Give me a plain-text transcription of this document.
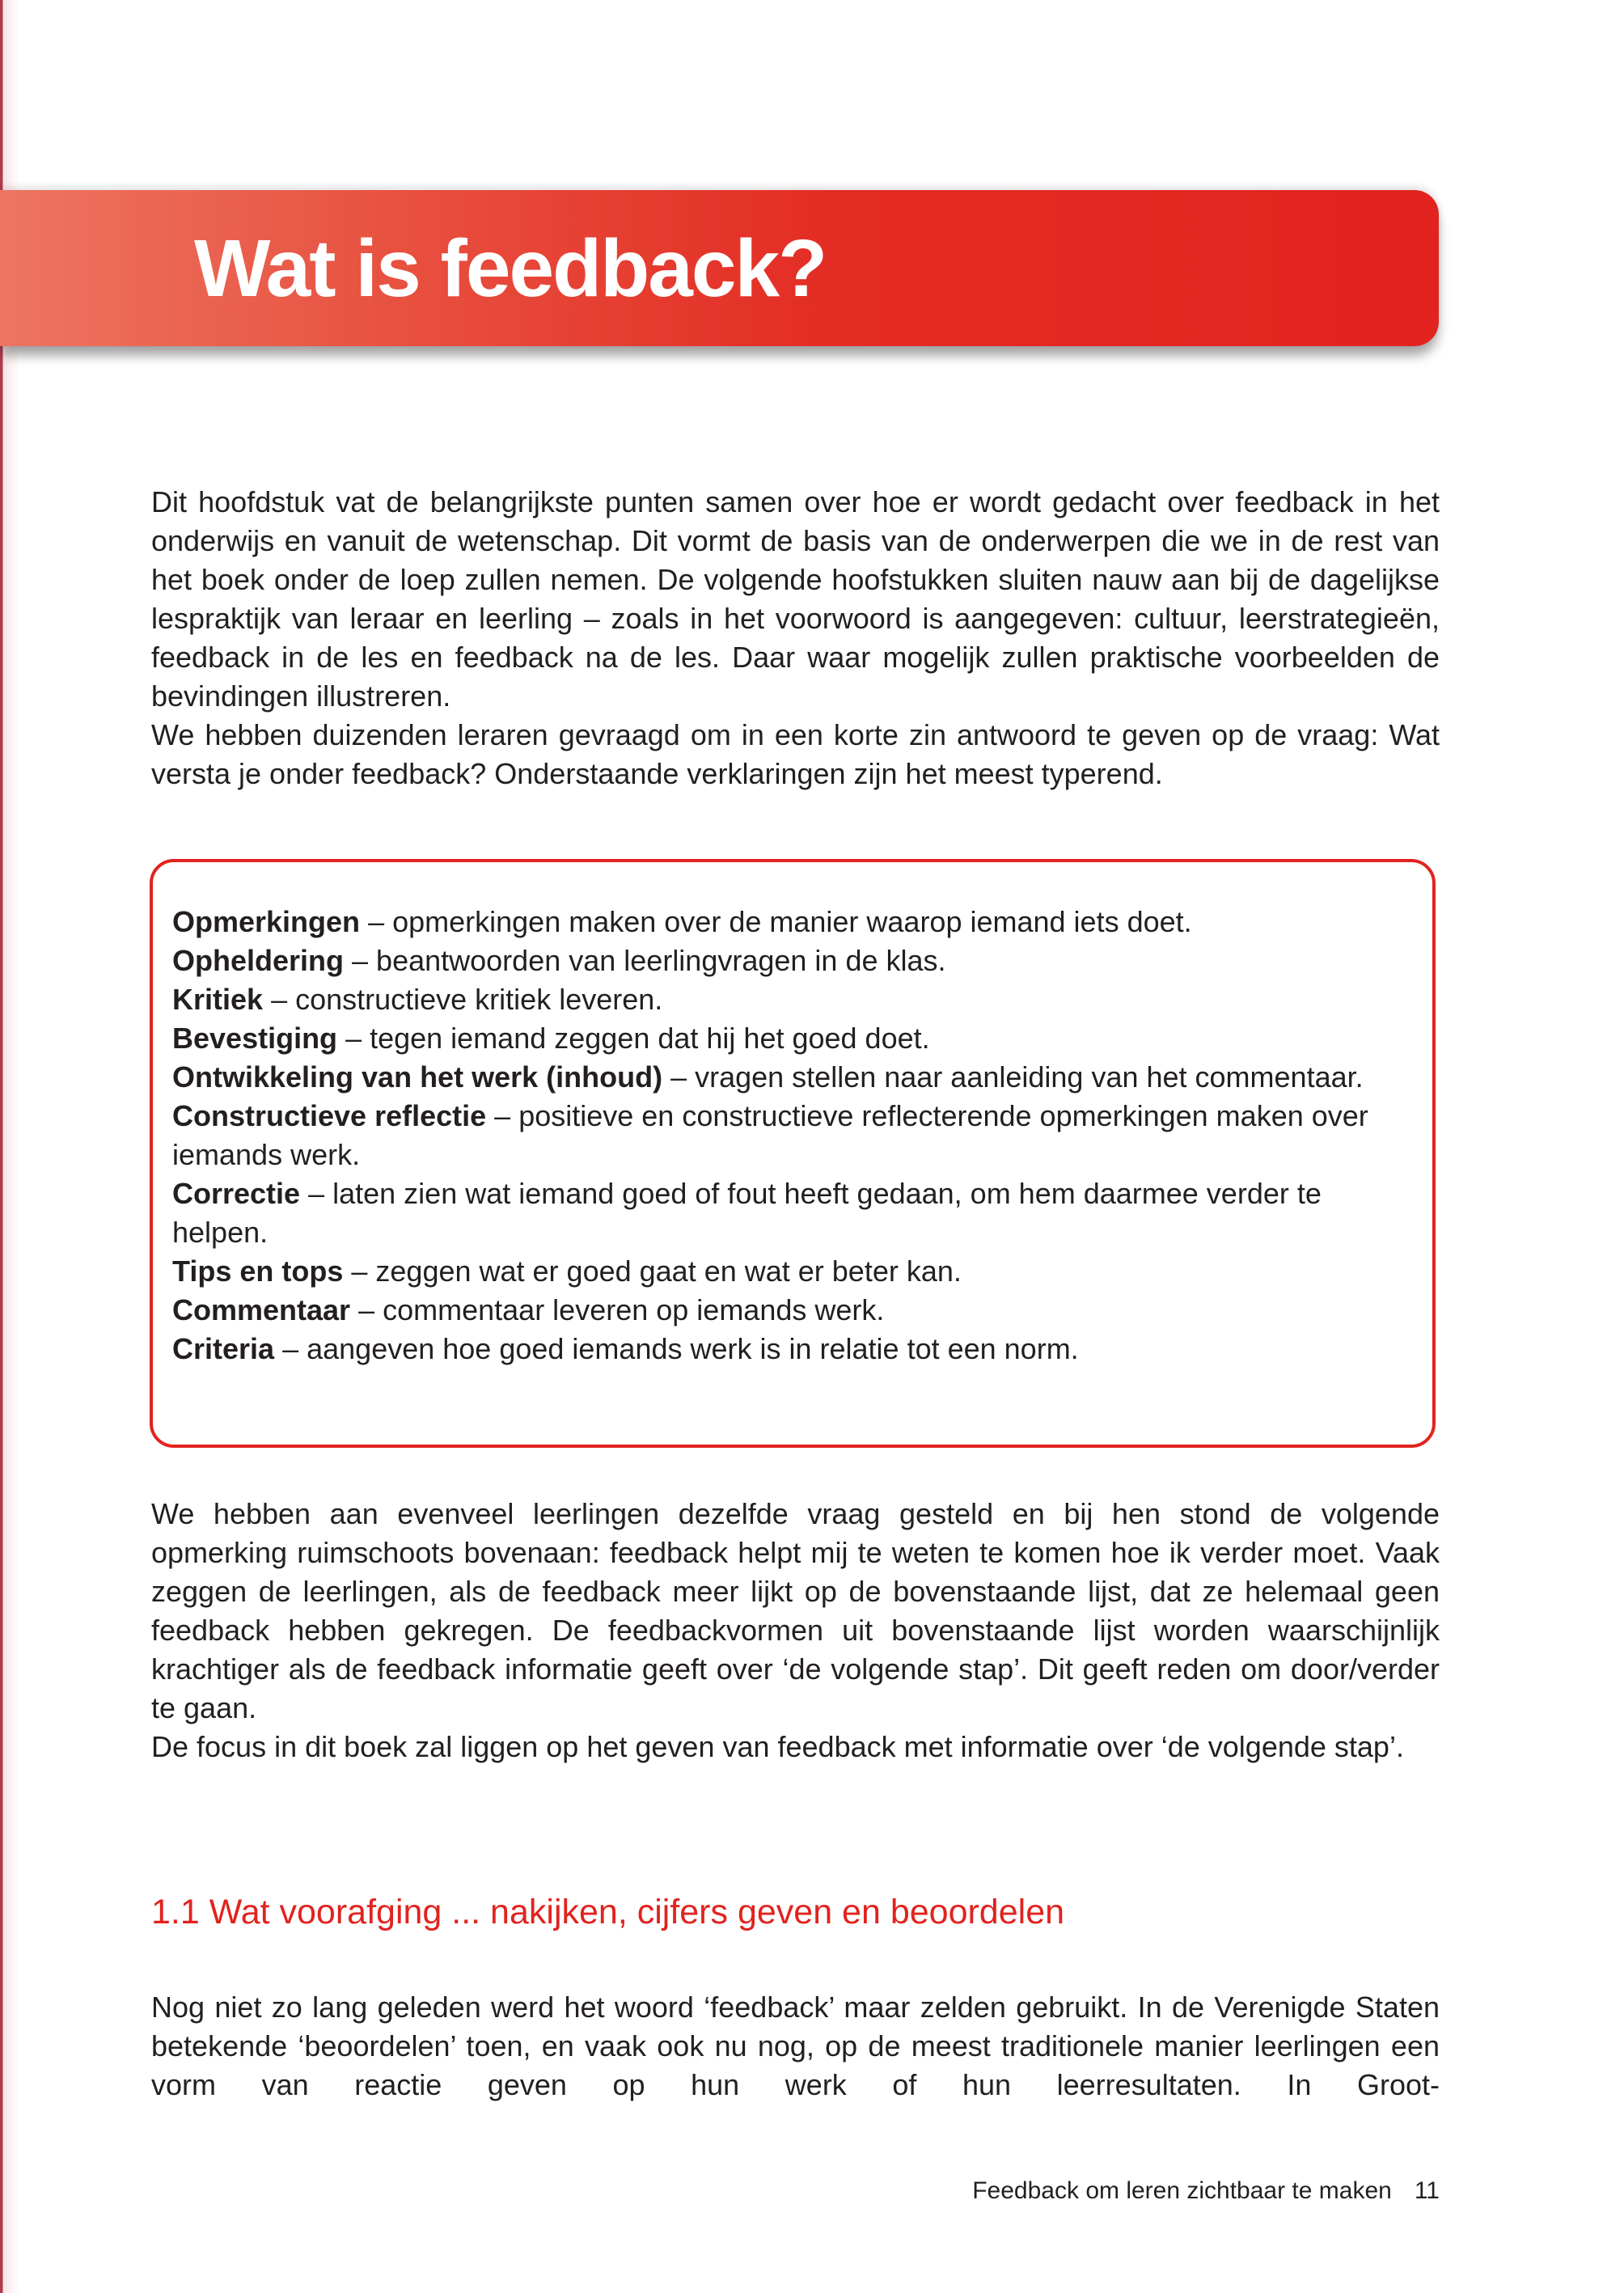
Wat is feedback?

Dit hoofdstuk vat de belangrijkste punten samen over hoe er wordt gedacht over feedback in het onderwijs en vanuit de wetenschap. Dit vormt de basis van de onderwerpen die we in de rest van het boek onder de loep zullen nemen. De volgende hoofstukken sluiten nauw aan bij de dagelijkse lespraktijk van leraar en leerling – zoals in het voorwoord is aangegeven: cultuur, leerstrategieën, feedback in de les en feedback na de les. Daar waar mogelijk zullen praktische voorbeelden de bevindingen illustreren.
We hebben duizenden leraren gevraagd om in een korte zin antwoord te geven op de vraag: Wat versta je onder feedback? Onderstaande verklaringen zijn het meest typerend.

Opmerkingen – opmerkingen maken over de manier waarop iemand iets doet.
Opheldering – beantwoorden van leerlingvragen in de klas.
Kritiek – constructieve kritiek leveren.
Bevestiging – tegen iemand zeggen dat hij het goed doet.
Ontwikkeling van het werk (inhoud) – vragen stellen naar aanleiding van het commentaar.
Constructieve reflectie – positieve en constructieve reflecterende opmerkingen maken over iemands werk.
Correctie – laten zien wat iemand goed of fout heeft gedaan, om hem daarmee verder te helpen.
Tips en tops – zeggen wat er goed gaat en wat er beter kan.
Commentaar – commentaar leveren op iemands werk.
Criteria – aangeven hoe goed iemands werk is in relatie tot een norm.

We hebben aan evenveel leerlingen dezelfde vraag gesteld en bij hen stond de volgende opmerking ruimschoots bovenaan: feedback helpt mij te weten te komen hoe ik verder moet. Vaak zeggen de leerlingen, als de feedback meer lijkt op de bovenstaande lijst, dat ze helemaal geen feedback hebben gekregen. De feedbackvormen uit bovenstaande lijst worden waarschijnlijk krachtiger als de feedback informatie geeft over ‘de volgende stap’. Dit geeft reden om door/verder te gaan.
De focus in dit boek zal liggen op het geven van feedback met informatie over ‘de volgende stap’.

1.1 Wat voorafging ... nakijken, cijfers geven en beoordelen

Nog niet zo lang geleden werd het woord ‘feedback’ maar zelden gebruikt. In de Verenigde Staten betekende ‘beoordelen’ toen, en vaak ook nu nog, op de meest traditionele manier leerlingen een vorm van reactie geven op hun werk of hun leerresultaten. In Groot-

Feedback om leren zichtbaar te maken 11
